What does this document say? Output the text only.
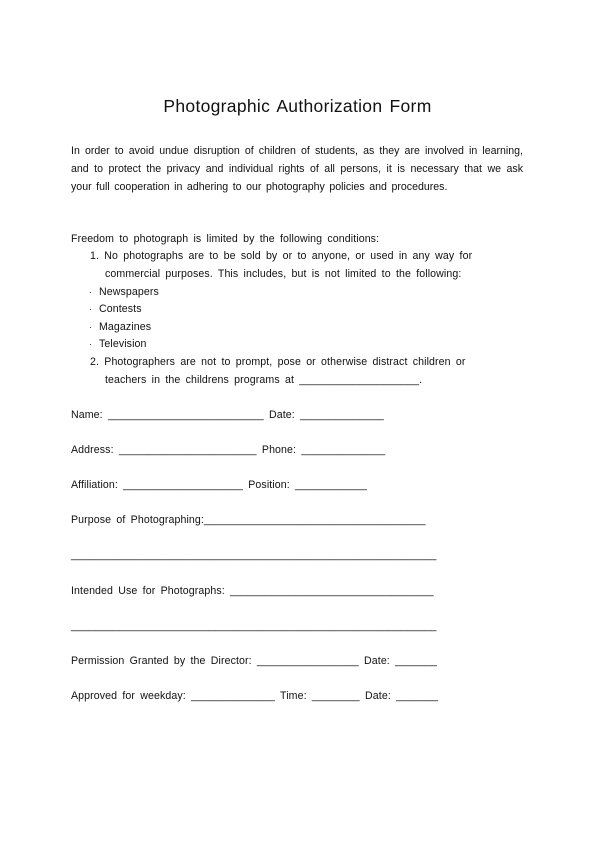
Photographic Authorization Form
In order to avoid undue disruption of children of students, as they are involved in learning, and to protect the privacy and individual rights of all persons, it is necessary that we ask your full cooperation in adhering to our photography policies and procedures.
Freedom to photograph is limited by the following conditions:
1. No photographs are to be sold by or to anyone, or used in any way for
commercial purposes. This includes, but is not limited to the following:
· Newspapers
· Contests
· Magazines
· Television
2. Photographers are not to prompt, pose or otherwise distract children or
teachers in the childrens programs at ____________________.
Name: __________________________ Date: ______________
Address: _______________________ Phone: ______________
Affiliation: ____________________ Position: ____________
Purpose of Photographing:_____________________________________
_____________________________________________________________
Intended Use for Photographs: __________________________________
_____________________________________________________________
Permission Granted by the Director: _________________ Date: _______
Approved for weekday: ______________ Time: ________ Date: _______
